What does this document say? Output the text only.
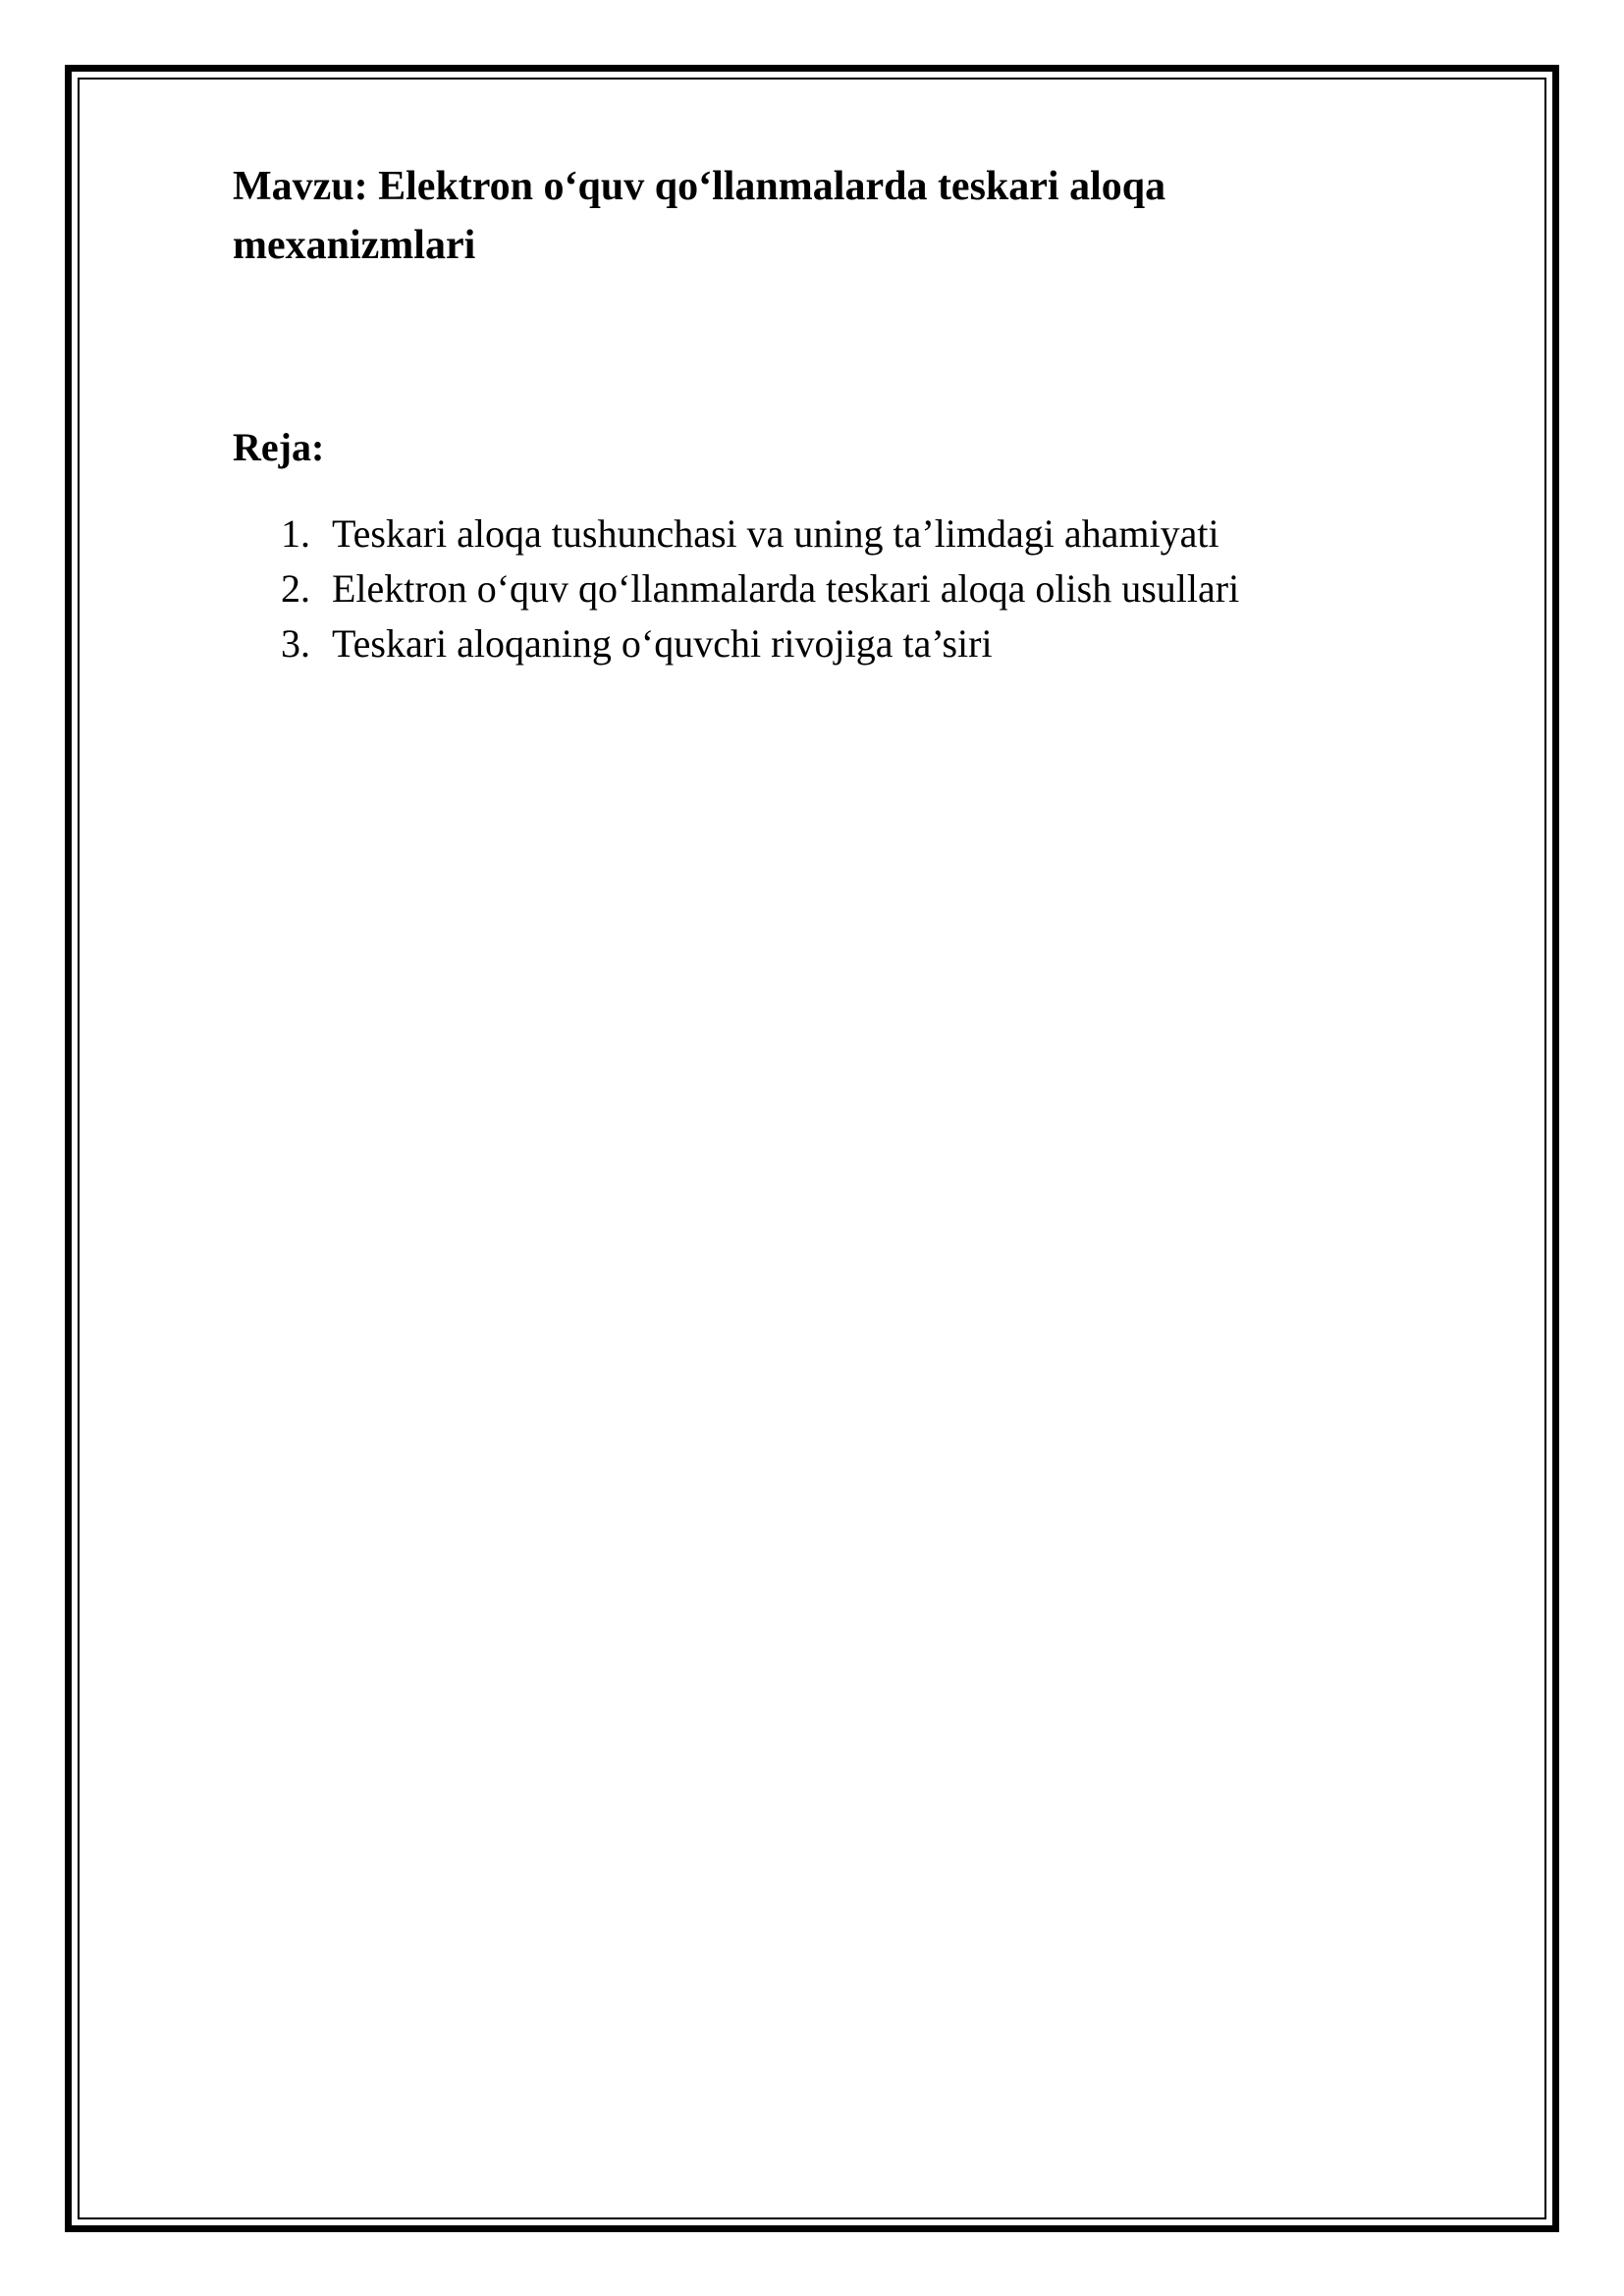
Mavzu: Elektron o‘quv qo‘llanmalarda teskari aloqa mexanizmlari
Reja:
1. Teskari aloqa tushunchasi va uning ta’limdagi ahamiyati
2. Elektron o‘quv qo‘llanmalarda teskari aloqa olish usullari
3. Teskari aloqaning o‘quvchi rivojiga ta’siri
